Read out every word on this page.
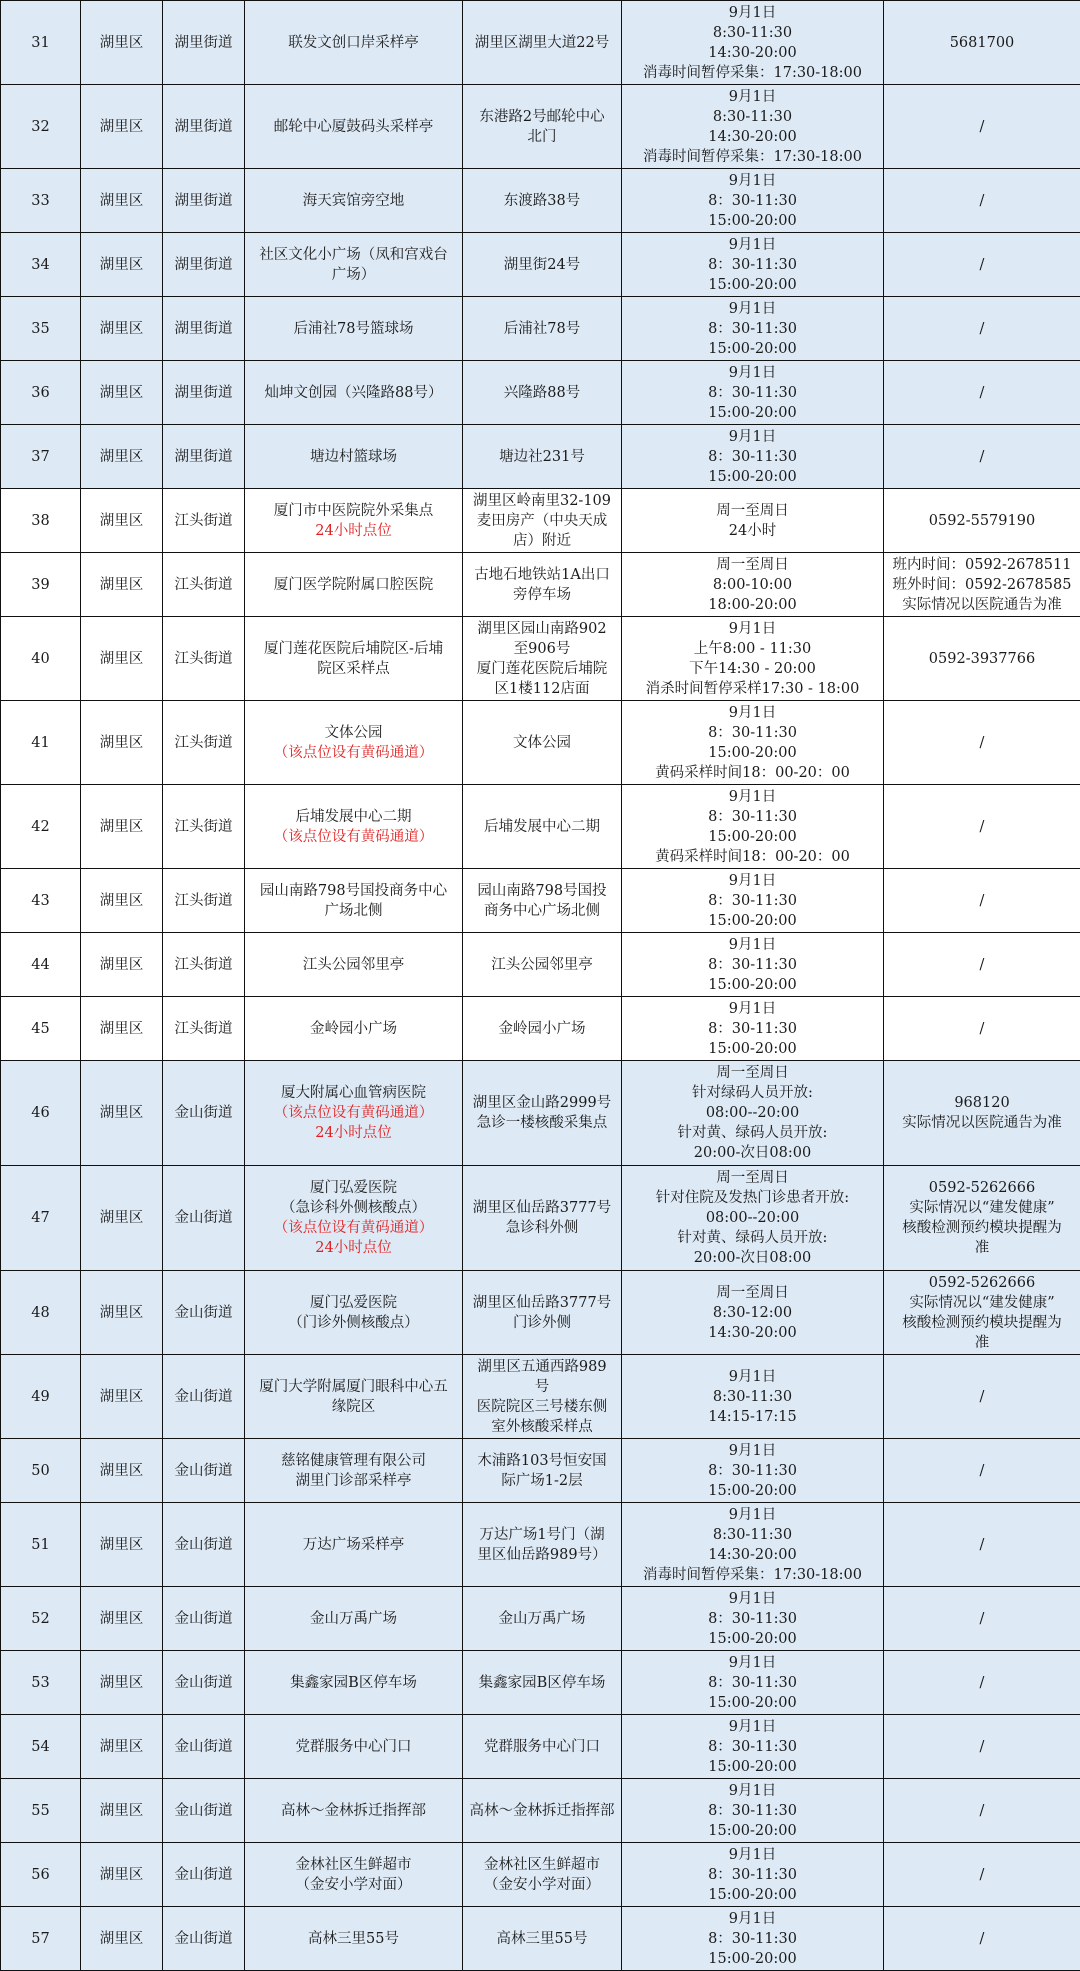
31	湖里区	湖里街道	联发文创口岸采样亭	湖里区湖里大道22号	9月1日
8:30-11:30
14:30-20:00
消毒时间暂停采集：17:30-18:00	5681700

32	湖里区	湖里街道	邮轮中心厦鼓码头采样亭	东港路2号邮轮中心
北门	9月1日
8:30-11:30
14:30-20:00
消毒时间暂停采集：17:30-18:00	/

33	湖里区	湖里街道	海天宾馆旁空地	东渡路38号	9月1日
8：30-11:30
15:00-20:00	/

34	湖里区	湖里街道	社区文化小广场（凤和宫戏台
广场）	湖里街24号	9月1日
8：30-11:30
15:00-20:00	/

35	湖里区	湖里街道	后浦社78号篮球场	后浦社78号	9月1日
8：30-11:30
15:00-20:00	/

36	湖里区	湖里街道	灿坤文创园（兴隆路88号）	兴隆路88号	9月1日
8：30-11:30
15:00-20:00	/

37	湖里区	湖里街道	塘边村篮球场	塘边社231号	9月1日
8：30-11:30
15:00-20:00	/

38	湖里区	江头街道	厦门市中医院院外采集点
24小时点位	湖里区岭南里32-109
麦田房产（中央天成
店）附近	周一至周日
24小时	0592-5579190

39	湖里区	江头街道	厦门医学院附属口腔医院	古地石地铁站1A出口
旁停车场	周一至周日
8:00-10:00
18:00-20:00	班内时间：0592-2678511
班外时间：0592-2678585
实际情况以医院通告为准

40	湖里区	江头街道	厦门莲花医院后埔院区-后埔
院区采样点	湖里区园山南路902
至906号
厦门莲花医院后埔院
区1楼112店面	9月1日
上午8:00 - 11:30
下午14:30 - 20:00
消杀时间暂停采样17:30 - 18:00	0592-3937766

41	湖里区	江头街道	文体公园
（该点位设有黄码通道）	文体公园	9月1日
8：30-11:30
15:00-20:00
黄码采样时间18：00-20：00	/

42	湖里区	江头街道	后埔发展中心二期
（该点位设有黄码通道）	后埔发展中心二期	9月1日
8：30-11:30
15:00-20:00
黄码采样时间18：00-20：00	/

43	湖里区	江头街道	园山南路798号国投商务中心
广场北侧	园山南路798号国投
商务中心广场北侧	9月1日
8：30-11:30
15:00-20:00	/

44	湖里区	江头街道	江头公园邻里亭	江头公园邻里亭	9月1日
8：30-11:30
15:00-20:00	/

45	湖里区	江头街道	金岭园小广场	金岭园小广场	9月1日
8：30-11:30
15:00-20:00	/

46	湖里区	金山街道	厦大附属心血管病医院
（该点位设有黄码通道）
24小时点位	湖里区金山路2999号
急诊一楼核酸采集点	周一至周日
针对绿码人员开放:
08:00--20:00
针对黄、绿码人员开放:
20:00-次日08:00	968120
实际情况以医院通告为准

47	湖里区	金山街道	厦门弘爱医院
（急诊科外侧核酸点）
（该点位设有黄码通道）
24小时点位	湖里区仙岳路3777号
急诊科外侧	周一至周日
针对住院及发热门诊患者开放:
08:00--20:00
针对黄、绿码人员开放:
20:00-次日08:00	0592-5262666
实际情况以“建发健康”
核酸检测预约模块提醒为
准

48	湖里区	金山街道	厦门弘爱医院
（门诊外侧核酸点）	湖里区仙岳路3777号
门诊外侧	周一至周日
8:30-12:00
14:30-20:00	0592-5262666
实际情况以“建发健康”
核酸检测预约模块提醒为
准

49	湖里区	金山街道	厦门大学附属厦门眼科中心五
缘院区	湖里区五通西路989
号
医院院区三号楼东侧
室外核酸采样点	9月1日
8:30-11:30
14:15-17:15	/

50	湖里区	金山街道	慈铭健康管理有限公司
湖里门诊部采样亭	木浦路103号恒安国
际广场1-2层	9月1日
8：30-11:30
15:00-20:00	/

51	湖里区	金山街道	万达广场采样亭	万达广场1号门（湖
里区仙岳路989号）	9月1日
8:30-11:30
14:30-20:00
消毒时间暂停采集：17:30-18:00	/

52	湖里区	金山街道	金山万禹广场	金山万禹广场	9月1日
8：30-11:30
15:00-20:00	/

53	湖里区	金山街道	集鑫家园B区停车场	集鑫家园B区停车场	9月1日
8：30-11:30
15:00-20:00	/

54	湖里区	金山街道	党群服务中心门口	党群服务中心门口	9月1日
8：30-11:30
15:00-20:00	/

55	湖里区	金山街道	高林～金林拆迁指挥部	高林～金林拆迁指挥部	9月1日
8：30-11:30
15:00-20:00	/

56	湖里区	金山街道	金林社区生鲜超市
（金安小学对面）	金林社区生鲜超市
（金安小学对面）	9月1日
8：30-11:30
15:00-20:00	/

57	湖里区	金山街道	高林三里55号	高林三里55号	9月1日
8：30-11:30
15:00-20:00	/
